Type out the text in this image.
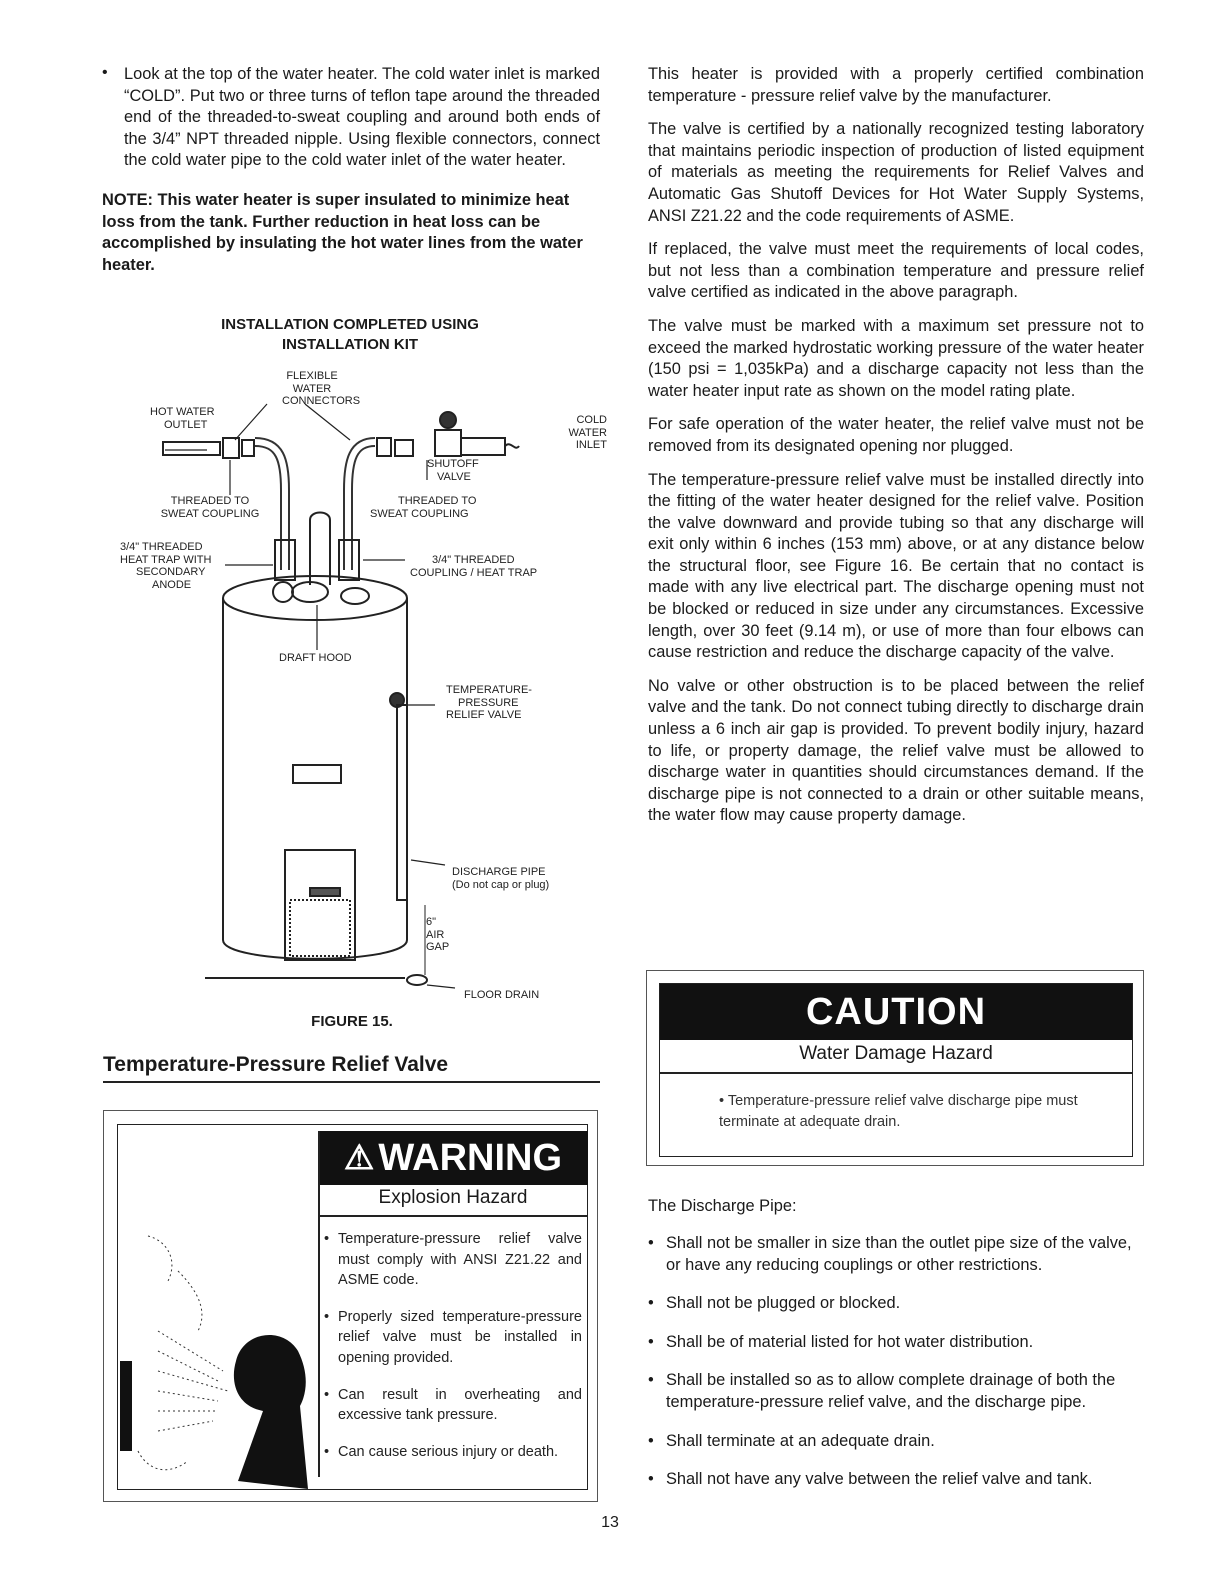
• Look at the top of the water heater. The cold water inlet is marked “COLD”. Put two or three turns of teflon tape around the threaded end of the threaded-to-sweat coupling and around both ends of the 3/4” NPT threaded nipple. Using flexible connectors, connect the cold water pipe to the cold water inlet of the water heater.

NOTE: This water heater is super insulated to minimize heat loss from the tank. Further reduction in heat loss can be accomplished by insulating the hot water lines from the water heater.

INSTALLATION COMPLETED USING
INSTALLATION KIT
FLEXIBLE
WATER
CONNECTORS
HOT WATER
OUTLET	COLD WATER
INLET
SHUTOFF
VALVE
THREADED TO
SWEAT COUPLING
THREADED TO
SWEAT COUPLING
3/4" THREADED
HEAT TRAP WITH
SECONDARY
ANODE
3/4" THREADED
COUPLING / HEAT TRAP
DRAFT HOOD
TEMPERATURE-
PRESSURE
RELIEF VALVE
DISCHARGE PIPE
(Do not cap or plug)
6"
AIR
GAP
FLOOR DRAIN
FIGURE 15.
Temperature-Pressure Relief Valve
⚠ WARNING
Explosion Hazard

• Temperature-pressure relief valve must comply with ANSI Z21.22 and ASME code.

• Properly sized temperature-pressure relief valve must be installed in opening provided.

• Can result in overheating and excessive tank pressure.

• Can cause serious injury or death.

This heater is provided with a properly certified combination temperature - pressure relief valve by the manufacturer.

The valve is certified by a nationally recognized testing laboratory that maintains periodic inspection of production of listed equipment of materials as meeting the requirements for Relief Valves and Automatic Gas Shutoff Devices for Hot Water Supply Systems, ANSI Z21.22 and the code requirements of ASME.

If replaced, the valve must meet the requirements of local codes, but not less than a combination temperature and pressure relief valve certified as indicated in the above paragraph.

The valve must be marked with a maximum set pressure not to exceed the marked hydrostatic working pressure of the water heater (150 psi = 1,035kPa) and a discharge capacity not less than the water heater input rate as shown on the model rating plate.

For safe operation of the water heater, the relief valve must not be removed from its designated opening nor plugged.

The temperature-pressure relief valve must be installed directly into the fitting of the water heater designed for the relief valve. Position the valve downward and provide tubing so that any discharge will exit only within 6 inches (153 mm) above, or at any distance below the structural floor, see Figure 16. Be certain that no contact is made with any live electrical part. The discharge opening must not be blocked or reduced in size under any circumstances. Excessive length, over 30 feet (9.14 m), or use of more than four elbows can cause restriction and reduce the discharge capacity of the valve.

No valve or other obstruction is to be placed between the relief valve and the tank. Do not connect tubing directly to discharge drain unless a 6 inch air gap is provided. To prevent bodily injury, hazard to life, or property damage, the relief valve must be allowed to discharge water in quantities should circumstances demand. If the discharge pipe is not connected to a drain or other suitable means, the water flow may cause property damage.

CAUTION
Water Damage Hazard
• Temperature-pressure relief valve discharge pipe must terminate at adequate drain.
The Discharge Pipe:
• Shall not be smaller in size than the outlet pipe size of the valve, or have any reducing couplings or other restrictions.

• Shall not be plugged or blocked.

• Shall be of material listed for hot water distribution.

• Shall be installed so as to allow complete drainage of both the temperature-pressure relief valve, and the discharge pipe.

• Shall terminate at an adequate drain.

• Shall not have any valve between the relief valve and tank.

13
